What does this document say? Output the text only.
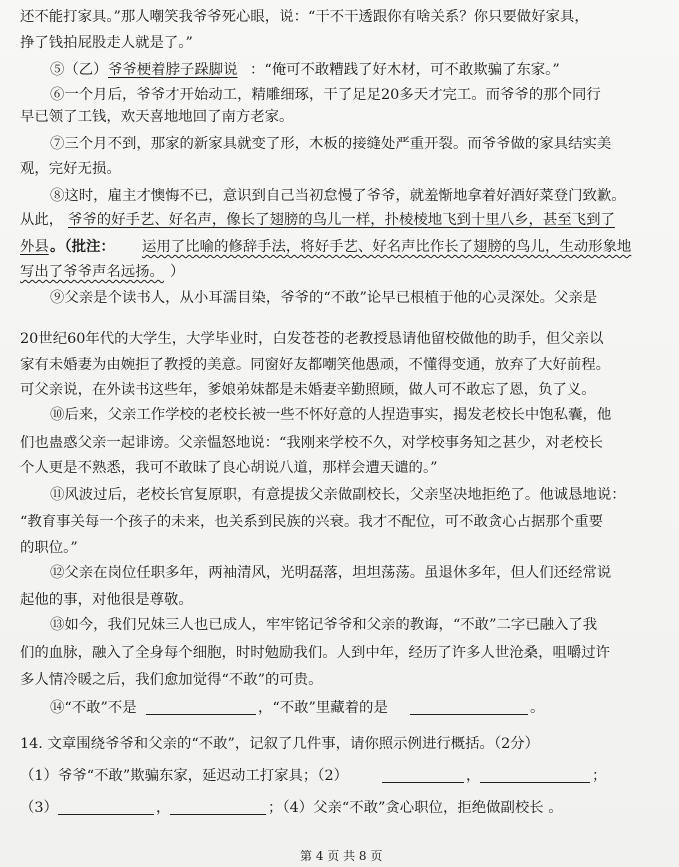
还不能打家具。”那人嘲笑我爷爷死心眼，说：“干不干透跟你有啥关系？你只要做好家具，
挣了钱拍屁股走人就是了。”
⑤（乙） 爷爷梗着脖子跺脚说 ：“俺可不敢糟践了好木材，可不敢欺骗了东家。”
⑥一个月后，爷爷才开始动工，精雕细琢，干了足足20多天才完工。而爷爷的那个同行
早已领了工钱，欢天喜地地回了南方老家。
⑦三个月不到，那家的新家具就变了形，木板的接缝处严重开裂。而爷爷做的家具结实美
观，完好无损。
⑧这时，雇主才懊悔不已，意识到自己当初怠慢了爷爷，就羞惭地拿着好酒好菜登门致歉。
从此， 爷爷的好手艺、好名声，像长了翅膀的鸟儿一样，扑棱棱地飞到十里八乡，甚至飞到了
外县 。（批注： 运用了比喻的修辞手法，将好手艺、好名声比作长了翅膀的鸟儿，生动形象地
写出了爷爷声名远扬。 ）
⑨父亲是个读书人，从小耳濡目染，爷爷的“不敢”论早已根植于他的心灵深处。父亲是
20世纪60年代的大学生，大学毕业时，白发苍苍的老教授恳请他留校做他的助手，但父亲以
家有未婚妻为由婉拒了教授的美意。同窗好友都嘲笑他愚顽，不懂得变通，放弃了大好前程。
可父亲说，在外读书这些年，爹娘弟妹都是未婚妻辛勤照顾，做人可不敢忘了恩，负了义。
⑩后来，父亲工作学校的老校长被一些不怀好意的人捏造事实，揭发老校长中饱私囊，他
们也蛊惑父亲一起诽谤。父亲愠怒地说：“我刚来学校不久，对学校事务知之甚少，对老校长
个人更是不熟悉，我可不敢昧了良心胡说八道，那样会遭天谴的。”
⑪风波过后，老校长官复原职，有意提拔父亲做副校长，父亲坚决地拒绝了。他诚恳地说：
“教育事关每一个孩子的未来，也关系到民族的兴衰。我才不配位，可不敢贪心占据那个重要
的职位。”
⑫父亲在岗位任职多年，两袖清风，光明磊落，坦坦荡荡。虽退休多年，但人们还经常说
起他的事，对他很是尊敬。
⑬如今，我们兄妹三人也已成人，牢牢铭记爷爷和父亲的教诲，“不敢”二字已融入了我
们的血脉，融入了全身每个细胞，时时勉励我们。人到中年，经历了许多人世沧桑，咀嚼过许
多人情冷暖之后，我们愈加觉得“不敢”的可贵。
⑭“不敢”不是	，“不敢”里藏着的是	。
14. 文章围绕爷爷和父亲的“不敢”，记叙了几件事，请你照示例进行概括。（2分）
（1）爷爷“不敢”欺骗东家，延迟动工打家具；（2）	，	；
（3）	，	；（4）父亲“不敢”贪心职位，拒绝做副校长 。
第 4 页 共 8 页
